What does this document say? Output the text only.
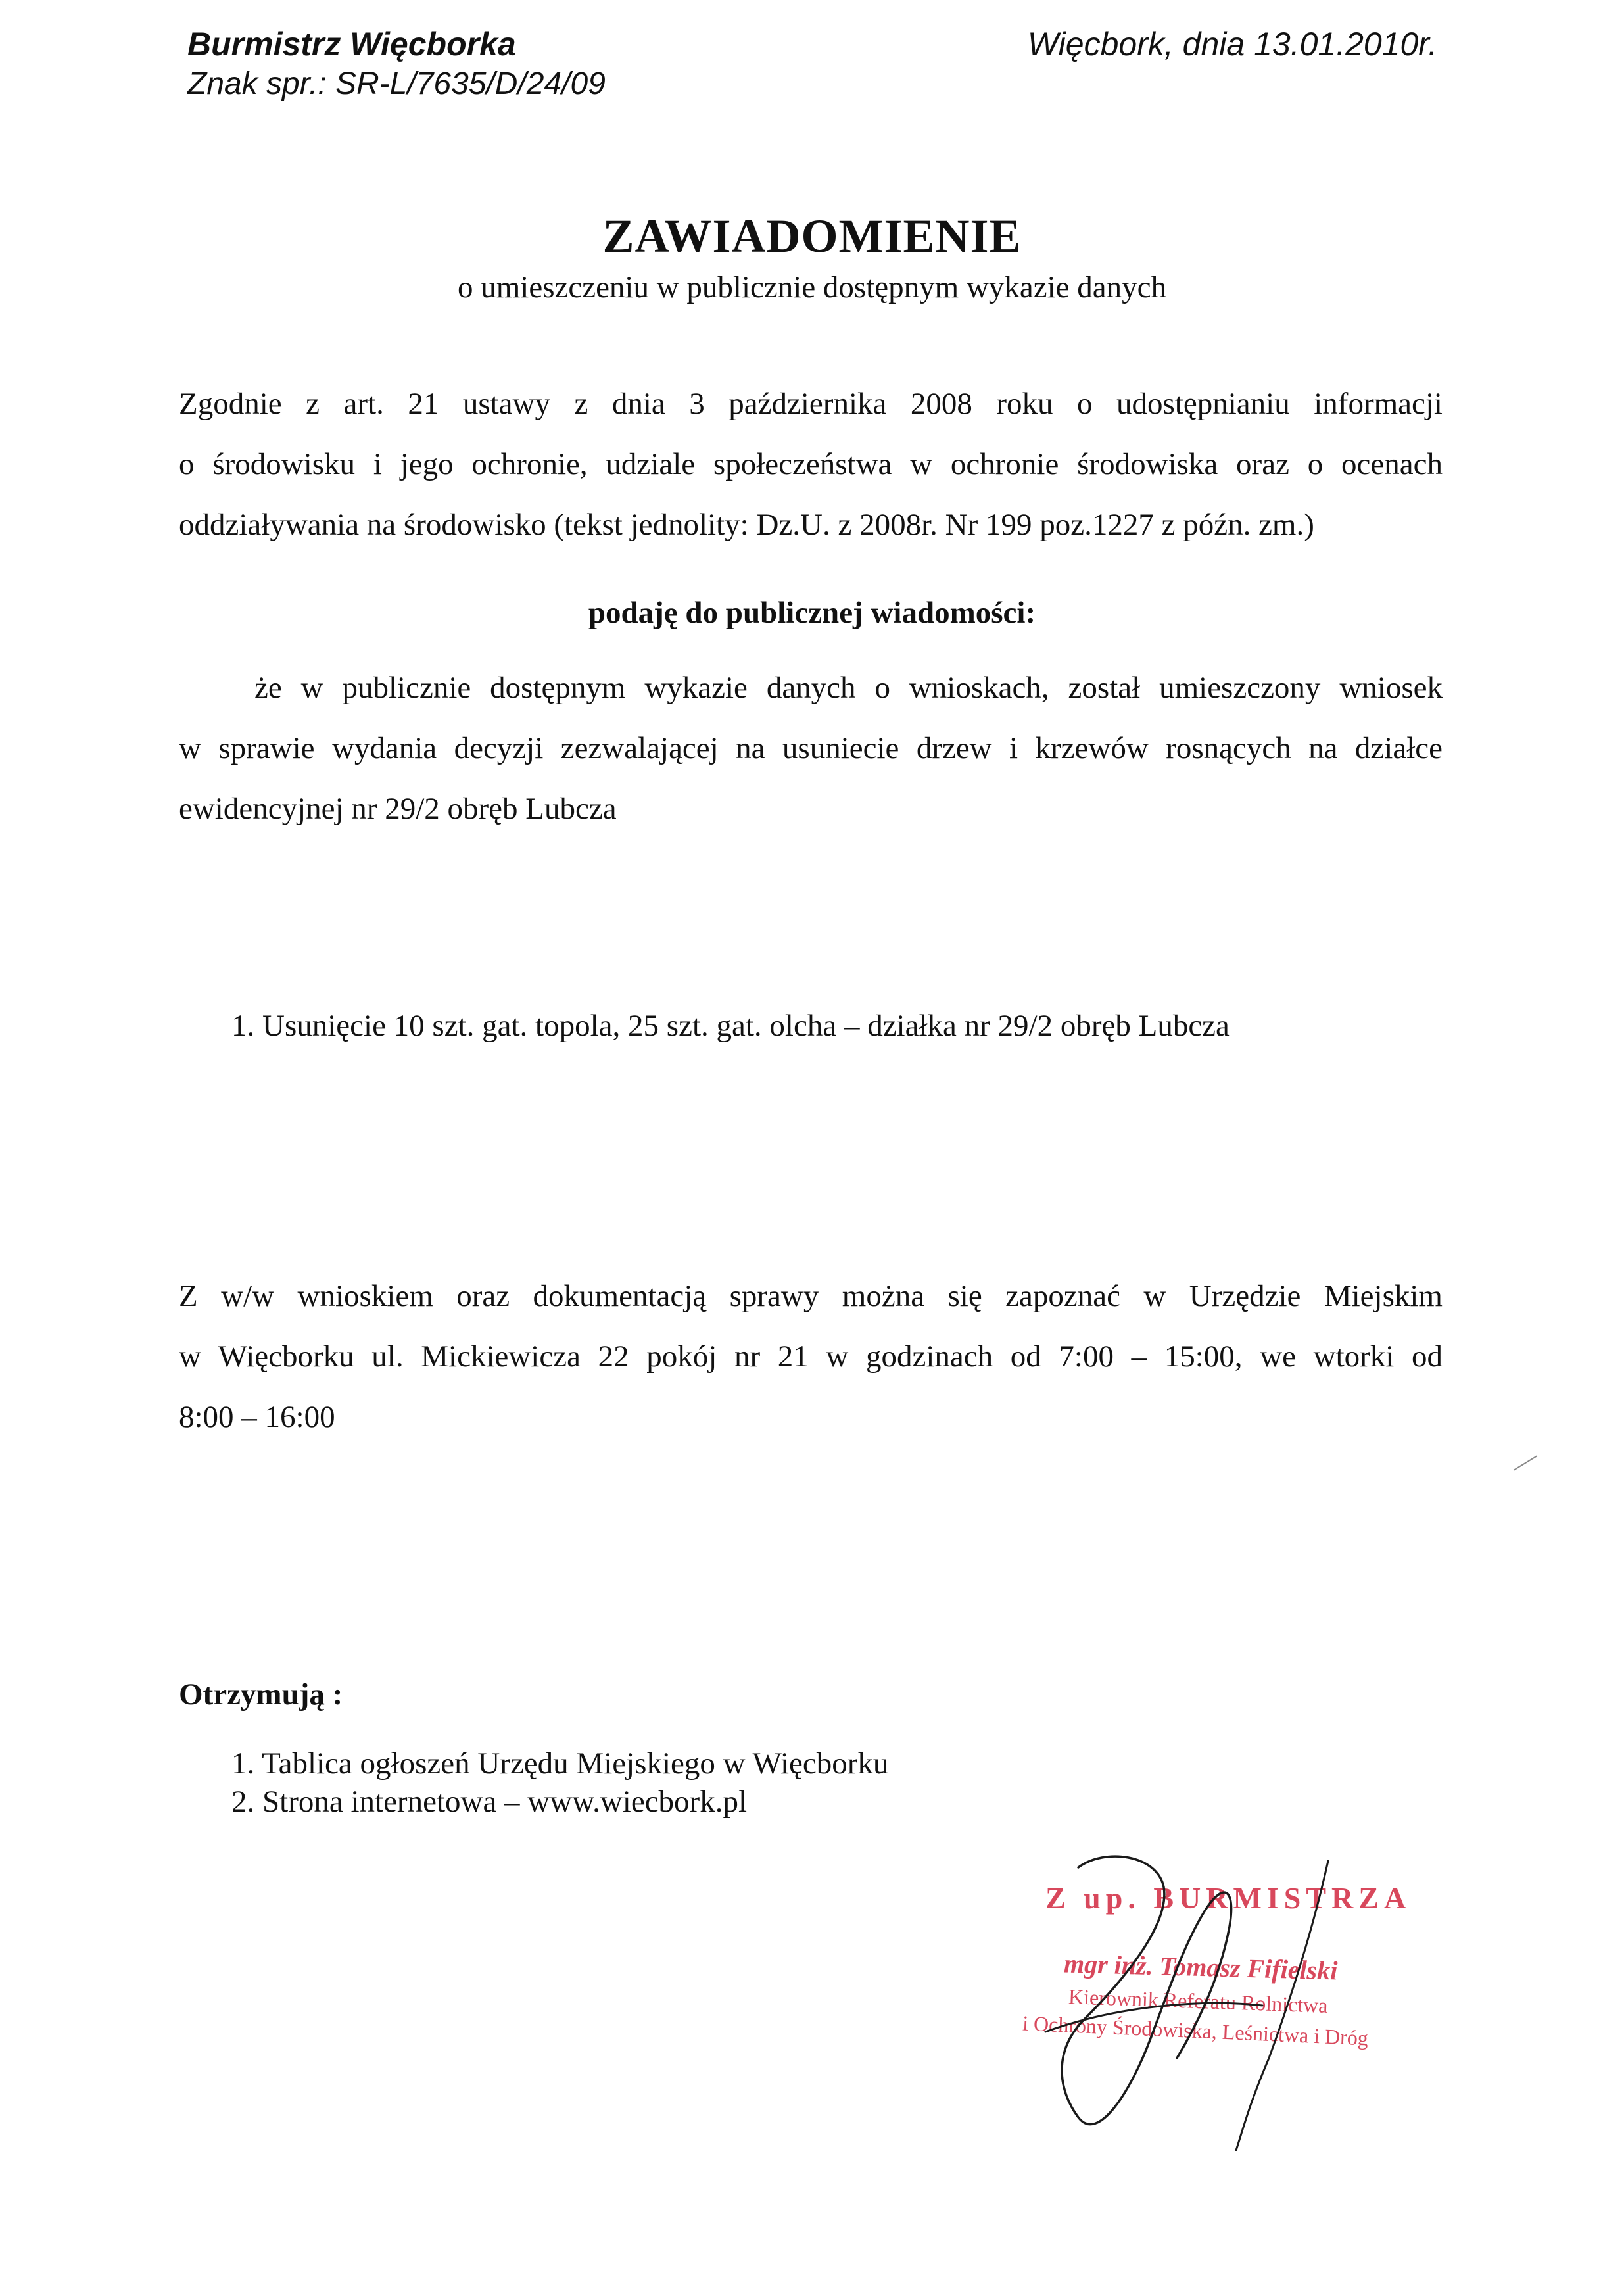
Burmistrz Więcborka
Znak spr.: SR-L/7635/D/24/09
Więcbork, dnia 13.01.2010r.
ZAWIADOMIENIE
o umieszczeniu w publicznie dostępnym wykazie danych
Zgodnie z art. 21 ustawy z dnia 3 października 2008 roku o udostępnianiu informacji
o środowisku i jego ochronie, udziale społeczeństwa w ochronie środowiska oraz o ocenach
oddziaływania na środowisko (tekst jednolity: Dz.U. z 2008r. Nr 199 poz.1227 z późn. zm.)
podaję do publicznej wiadomości:
że w publicznie dostępnym wykazie danych o wnioskach, został umieszczony wniosek
w sprawie wydania decyzji zezwalającej na usuniecie drzew i krzewów rosnących na działce
ewidencyjnej nr 29/2 obręb Lubcza
1. Usunięcie 10 szt. gat. topola, 25 szt. gat. olcha – działka nr 29/2 obręb Lubcza
Z w/w wnioskiem oraz dokumentacją sprawy można się zapoznać w Urzędzie Miejskim
w Więcborku ul. Mickiewicza 22 pokój nr 21 w godzinach od 7:00 – 15:00, we wtorki od
8:00 – 16:00
Otrzymują :
1. Tablica ogłoszeń Urzędu Miejskiego w Więcborku
2. Strona internetowa – www.wiecbork.pl
Z up. BURMISTRZA
mgr inż. Tomasz Fifielski
Kierownik Referatu Rolnictwa
i Ochrony Środowiska, Leśnictwa i Dróg
